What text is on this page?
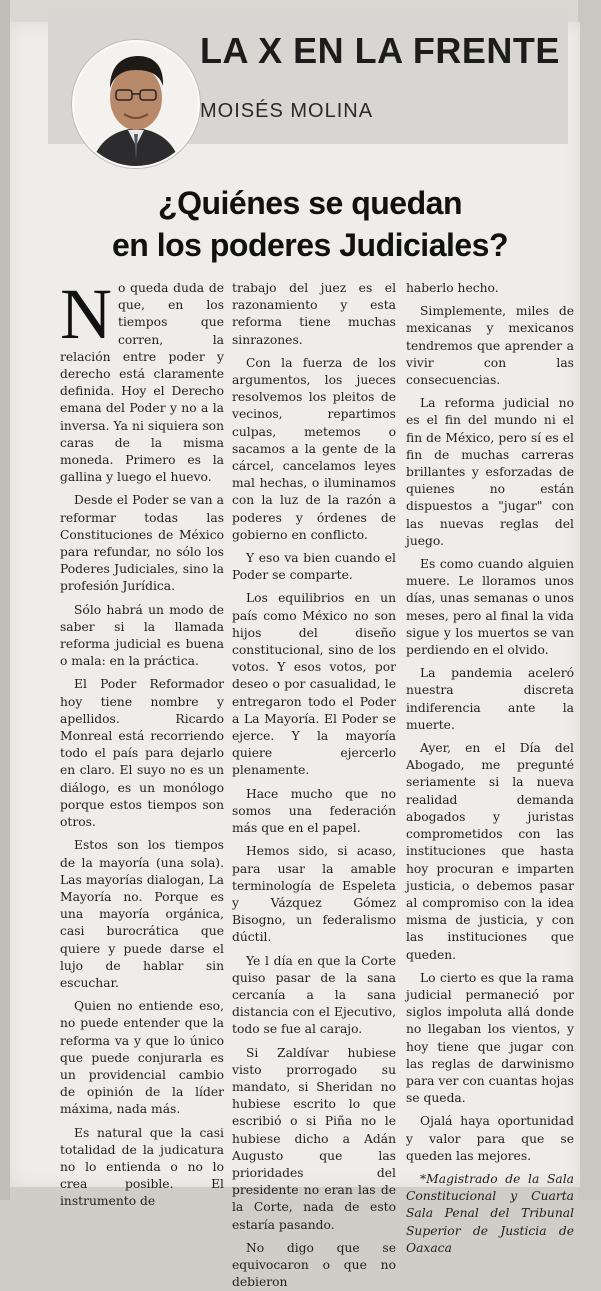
LA X EN LA FRENTE
MOISÉS MOLINA
¿Quiénes se quedan
en los poderes Judiciales?

No queda duda de que, en los tiempos que corren, la relación entre poder y derecho está claramente definida. Hoy el Derecho emana del Poder y no a la inversa. Ya ni siquiera son caras de la misma moneda. Primero es la gallina y luego el huevo.

Desde el Poder se van a reformar todas las Constituciones de México para refundar, no sólo los Poderes Judiciales, sino la profesión Jurídica.

Sólo habrá un modo de saber si la llamada reforma judicial es buena o mala: en la práctica.

El Poder Reformador hoy tiene nombre y apellidos. Ricardo Monreal está recorriendo todo el país para dejarlo en claro. El suyo no es un diálogo, es un monólogo porque estos tiempos son otros.

Estos son los tiempos de la mayoría (una sola). Las mayorías dialogan, La Mayoría no. Porque es una mayoría orgánica, casi burocrática que quiere y puede darse el lujo de hablar sin escuchar.

Quien no entiende eso, no puede entender que la reforma va y que lo único que puede conjurarla es un providencial cambio de opinión de la líder máxima, nada más.

Es natural que la casi totalidad de la judicatura no lo entienda o no lo crea posible. El instrumento de

trabajo del juez es el razonamiento y esta reforma tiene muchas sinrazones.

Con la fuerza de los argumentos, los jueces resolvemos los pleitos de vecinos, repartimos culpas, metemos o sacamos a la gente de la cárcel, cancelamos leyes mal hechas, o iluminamos con la luz de la razón a poderes y órdenes de gobierno en conflicto.

Y eso va bien cuando el Poder se comparte.

Los equilibrios en un país como México no son hijos del diseño constitucional, sino de los votos. Y esos votos, por deseo o por casualidad, le entregaron todo el Poder a La Mayoría. El Poder se ejerce. Y la mayoría quiere ejercerlo plenamente.

Hace mucho que no somos una federación más que en el papel.

Hemos sido, si acaso, para usar la amable terminología de Espeleta y Vázquez Gómez Bisogno, un federalismo dúctil.

Ye l día en que la Corte quiso pasar de la sana cercanía a la sana distancia con el Ejecutivo, todo se fue al carajo.

Si Zaldívar hubiese visto prorrogado su mandato, si Sheridan no hubiese escrito lo que escribió o si Piña no le hubiese dicho a Adán Augusto que las prioridades del presidente no eran las de la Corte, nada de esto estaría pasando.

No digo que se equivocaron o que no debieron

haberlo hecho.

Simplemente, miles de mexicanas y mexicanos tendremos que aprender a vivir con las consecuencias.

La reforma judicial no es el fin del mundo ni el fin de México, pero sí es el fin de muchas carreras brillantes y esforzadas de quienes no están dispuestos a "jugar" con las nuevas reglas del juego.

Es como cuando alguien muere. Le lloramos unos días, unas semanas o unos meses, pero al final la vida sigue y los muertos se van perdiendo en el olvido.

La pandemia aceleró nuestra discreta indiferencia ante la muerte.

Ayer, en el Día del Abogado, me pregunté seriamente si la nueva realidad demanda abogados y juristas comprometidos con las instituciones que hasta hoy procuran e imparten justicia, o debemos pasar al compromiso con la idea misma de justicia, y con las instituciones que queden.

Lo cierto es que la rama judicial permaneció por siglos impoluta allá donde no llegaban los vientos, y hoy tiene que jugar con las reglas de darwinismo para ver con cuantas hojas se queda.

Ojalá haya oportunidad y valor para que se queden las mejores.

*Magistrado de la Sala Constitucional y Cuarta Sala Penal del Tribunal Superior de Justicia de Oaxaca
